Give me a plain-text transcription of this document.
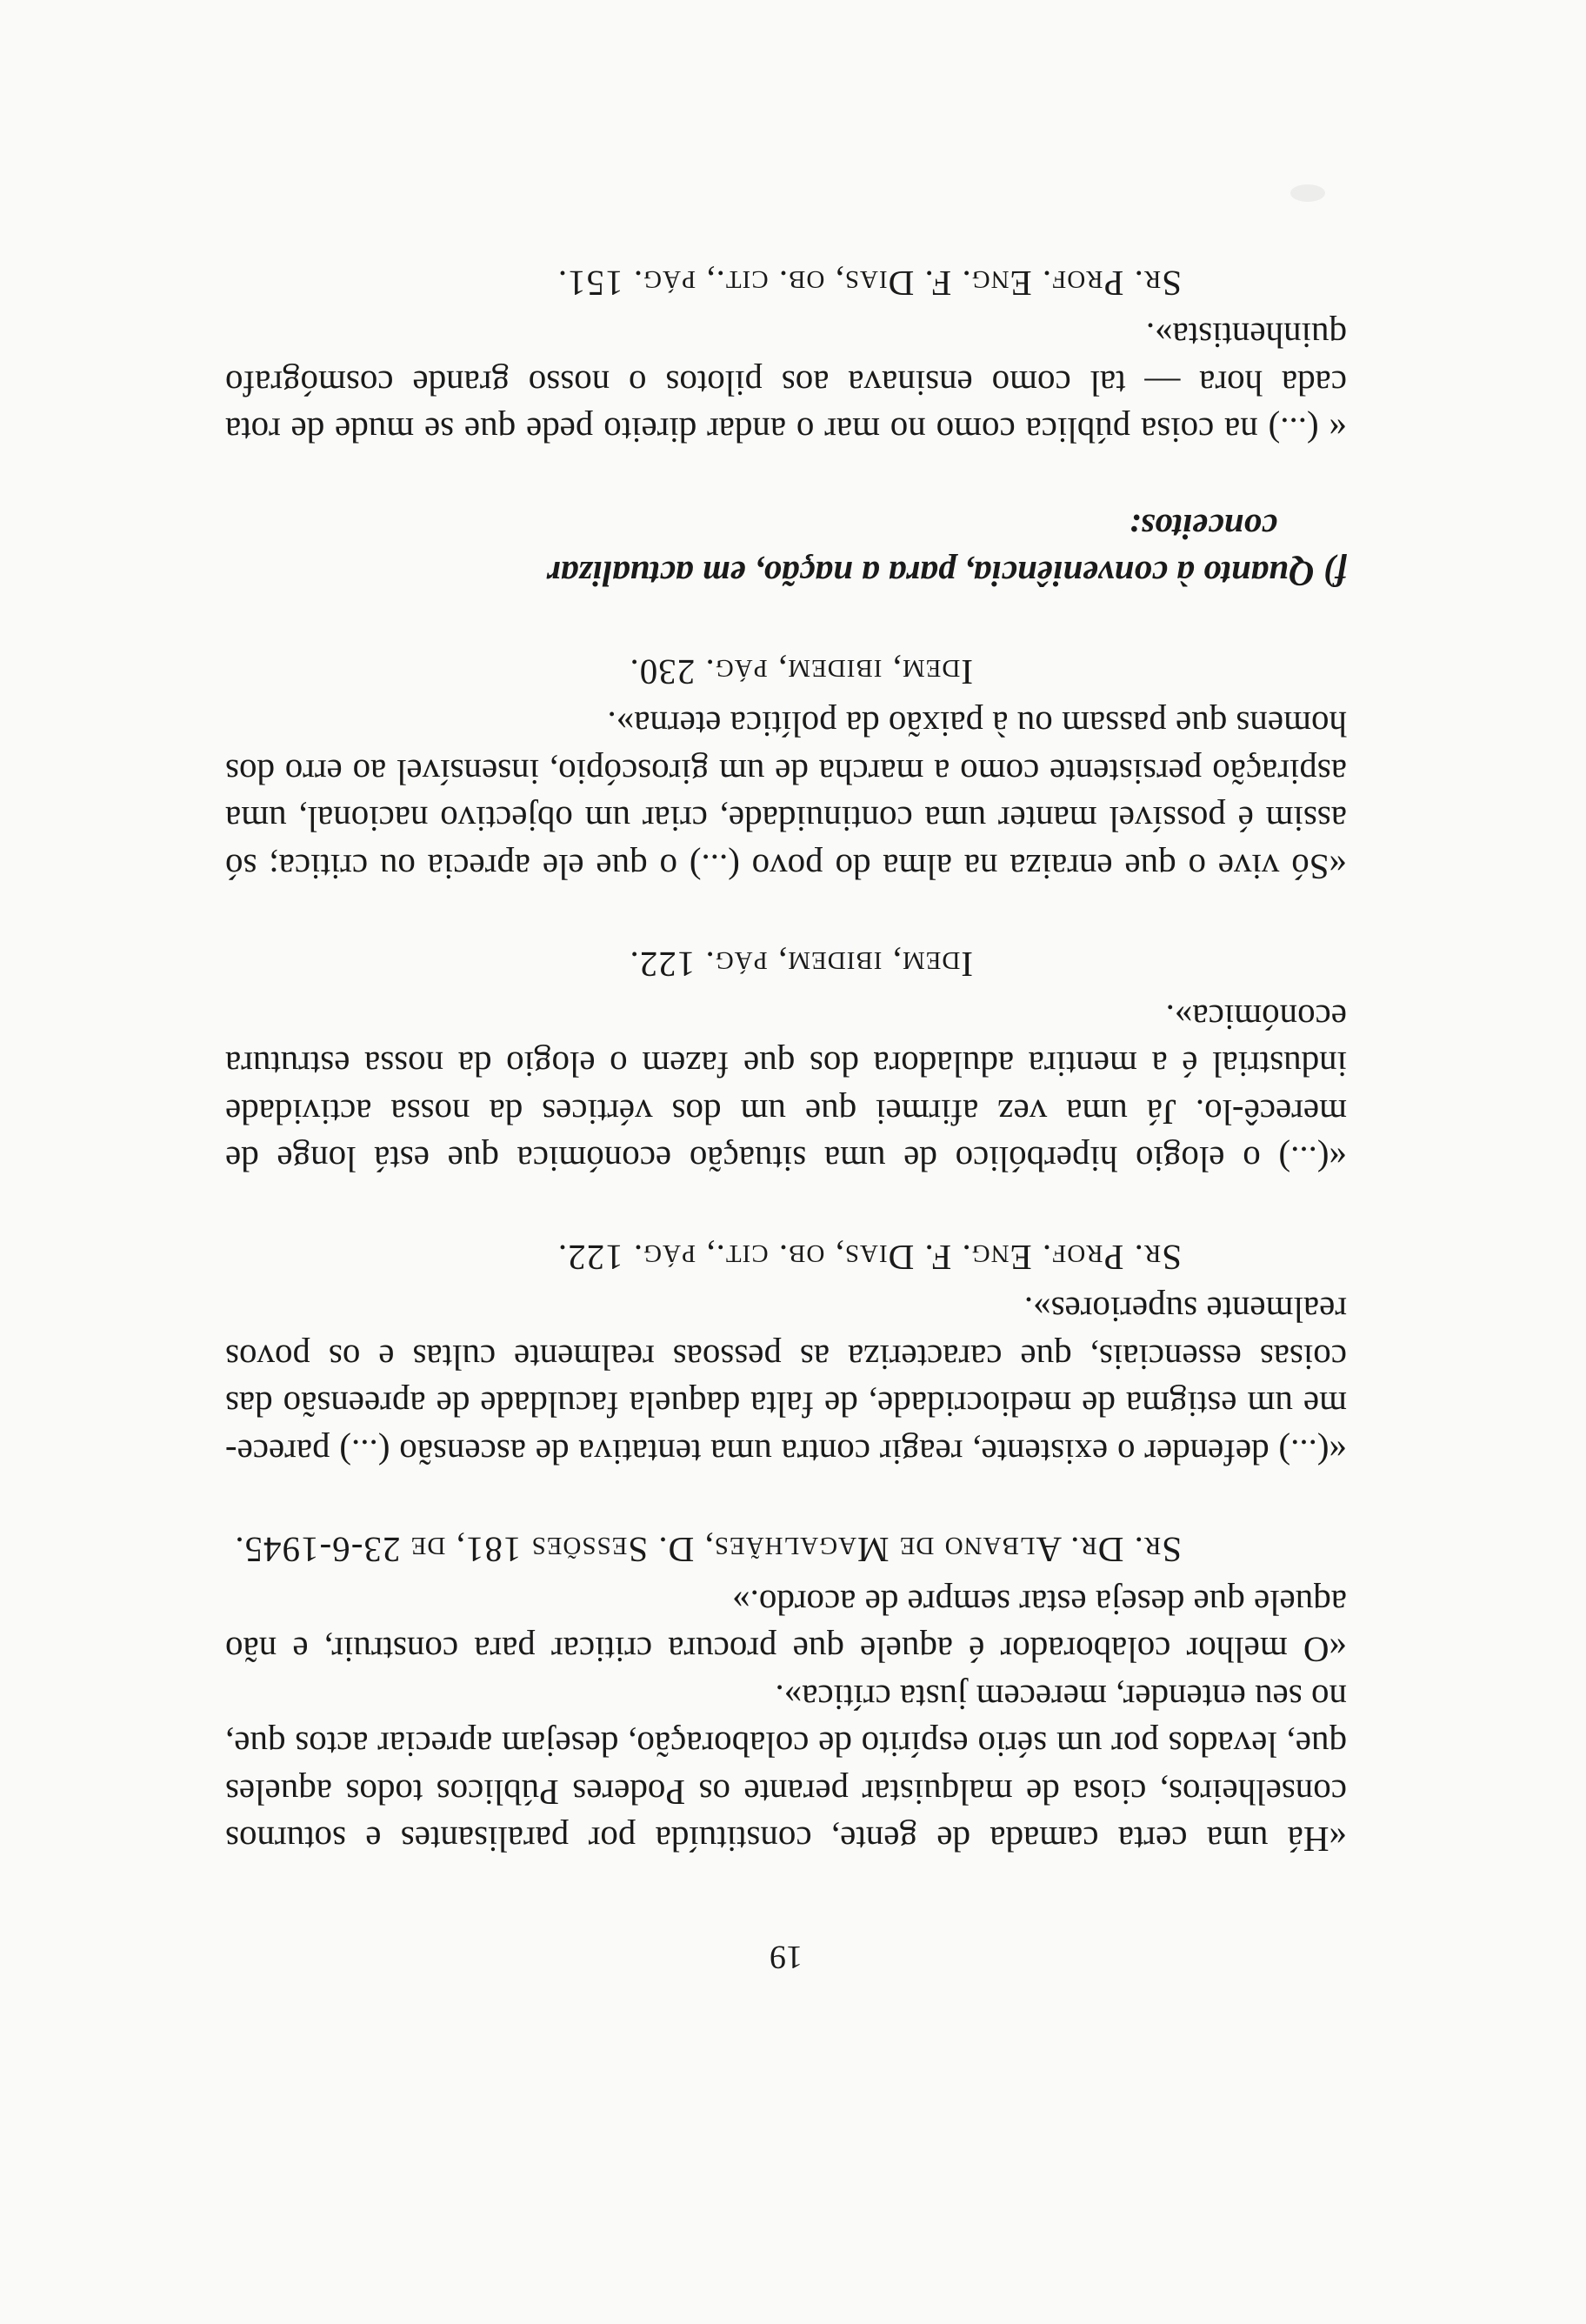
19

«Há uma certa camada de gente, constituída por paralisantes e soturnos conselheiros, ciosa de malquistar perante os Poderes Públicos todos aqueles que, levados por um sério espírito de colaboração, desejam apreciar actos que, no seu entender, merecem justa crítica».

«O melhor colaborador é aquele que procura criticar para construir, e não aquele que deseja estar sempre de acordo.»

Sr. Dr. Albano de Magalhães, D. Sessões 181, de 23-6-1945.

«(...) defender o existente, reagir contra uma tentativa de ascensão (...) parece-me um estigma de mediocridade, de falta daquela faculdade de apreensão das coisas essenciais, que caracteriza as pessoas realmente cultas e os povos realmente superiores».

Sr. Prof. Eng. F. Dias, ob. cit., pág. 122.

«(...) o elogio hiperbólico de uma situação económica que está longe de merecê-lo. Já uma vez afirmei que um dos vértices da nossa actividade industrial é a mentira aduladora dos que fazem o elogio da nossa estrutura económica».

Idem, ibidem, pág. 122.

«Só vive o que enraiza na alma do povo (...) o que ele aprecia ou critica; só assim é possível manter uma continuidade, criar um objectivo nacional, uma aspiração persistente como a marcha de um giroscópio, insensível ao erro dos homens que passam ou à paixão da política eterna».

Idem, ibidem, pág. 230.
f) Quanto à conveniência, para a nação, em actualizar
conceitos:

« (...) na coisa pública como no mar o andar direito pede que se mude de rota cada hora — tal como ensinava aos pilotos o nosso grande cosmógrafo quinhentista».

Sr. Prof. Eng. F. Dias, ob. cit., pág. 151.
